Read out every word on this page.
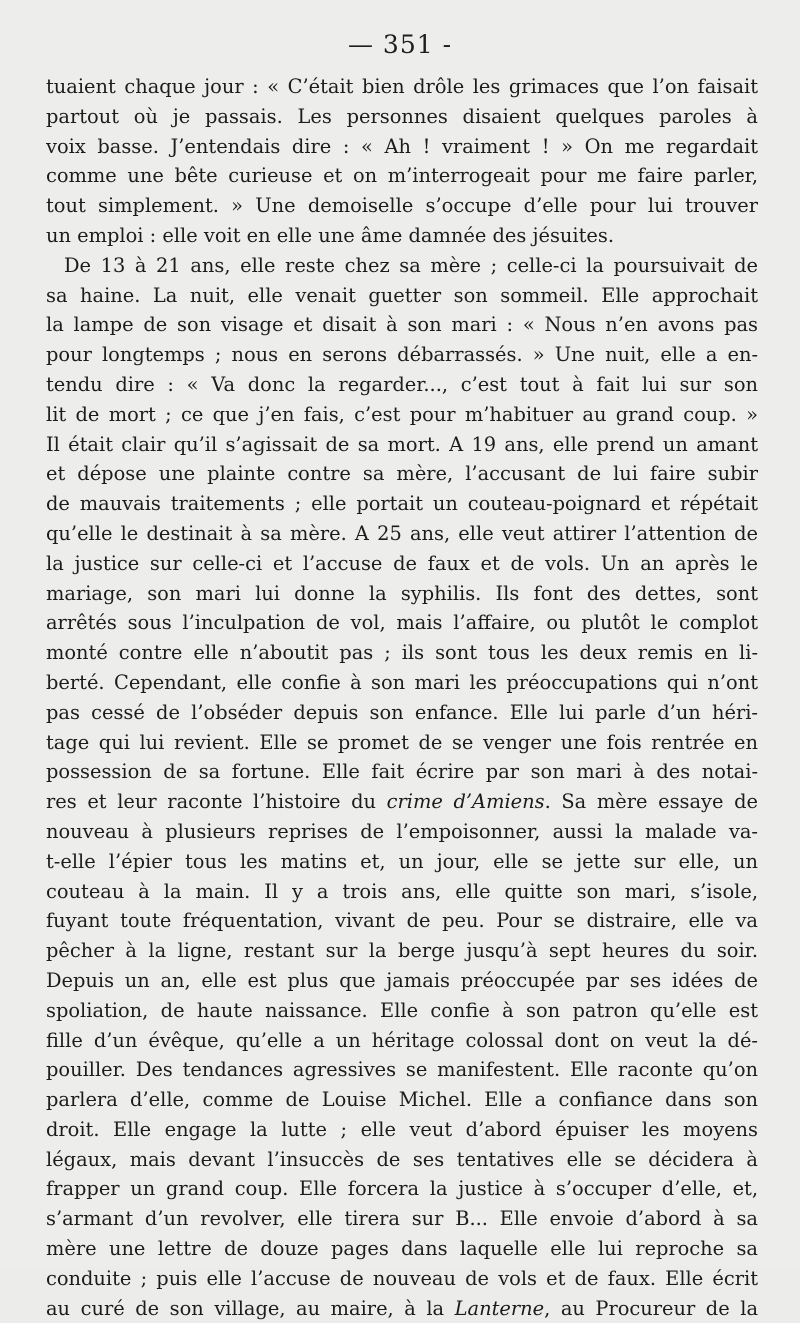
— 351 -
tuaient chaque jour : « C’était bien drôle les grimaces que l’on faisait
partout où je passais. Les personnes disaient quelques paroles à
voix basse. J’entendais dire : « Ah ! vraiment ! » On me regardait
comme une bête curieuse et on m’interrogeait pour me faire parler,
tout simplement. » Une demoiselle s’occupe d’elle pour lui trouver
un emploi : elle voit en elle une âme damnée des jésuites.
De 13 à 21 ans, elle reste chez sa mère ; celle-ci la poursuivait de
sa haine. La nuit, elle venait guetter son sommeil. Elle approchait
la lampe de son visage et disait à son mari : « Nous n’en avons pas
pour longtemps ; nous en serons débarrassés. » Une nuit, elle a en-
tendu dire : « Va donc la regarder..., c’est tout à fait lui sur son
lit de mort ; ce que j’en fais, c’est pour m’habituer au grand coup. »
Il était clair qu’il s’agissait de sa mort. A 19 ans, elle prend un amant
et dépose une plainte contre sa mère, l’accusant de lui faire subir
de mauvais traitements ; elle portait un couteau-poignard et répétait
qu’elle le destinait à sa mère. A 25 ans, elle veut attirer l’attention de
la justice sur celle-ci et l’accuse de faux et de vols. Un an après le
mariage, son mari lui donne la syphilis. Ils font des dettes, sont
arrêtés sous l’inculpation de vol, mais l’affaire, ou plutôt le complot
monté contre elle n’aboutit pas ; ils sont tous les deux remis en li-
berté. Cependant, elle confie à son mari les préoccupations qui n’ont
pas cessé de l’obséder depuis son enfance. Elle lui parle d’un héri-
tage qui lui revient. Elle se promet de se venger une fois rentrée en
possession de sa fortune. Elle fait écrire par son mari à des notai-
res et leur raconte l’histoire du crime d’Amiens. Sa mère essaye de
nouveau à plusieurs reprises de l’empoisonner, aussi la malade va-
t-elle l’épier tous les matins et, un jour, elle se jette sur elle, un
couteau à la main. Il y a trois ans, elle quitte son mari, s’isole,
fuyant toute fréquentation, vivant de peu. Pour se distraire, elle va
pêcher à la ligne, restant sur la berge jusqu’à sept heures du soir.
Depuis un an, elle est plus que jamais préoccupée par ses idées de
spoliation, de haute naissance. Elle confie à son patron qu’elle est
fille d’un évêque, qu’elle a un héritage colossal dont on veut la dé-
pouiller. Des tendances agressives se manifestent. Elle raconte qu’on
parlera d’elle, comme de Louise Michel. Elle a confiance dans son
droit. Elle engage la lutte ; elle veut d’abord épuiser les moyens
légaux, mais devant l’insuccès de ses tentatives elle se décidera à
frapper un grand coup. Elle forcera la justice à s’occuper d’elle, et,
s’armant d’un revolver, elle tirera sur B... Elle envoie d’abord à sa
mère une lettre de douze pages dans laquelle elle lui reproche sa
conduite ; puis elle l’accuse de nouveau de vols et de faux. Elle écrit
au curé de son village, au maire, à la Lanterne, au Procureur de la
